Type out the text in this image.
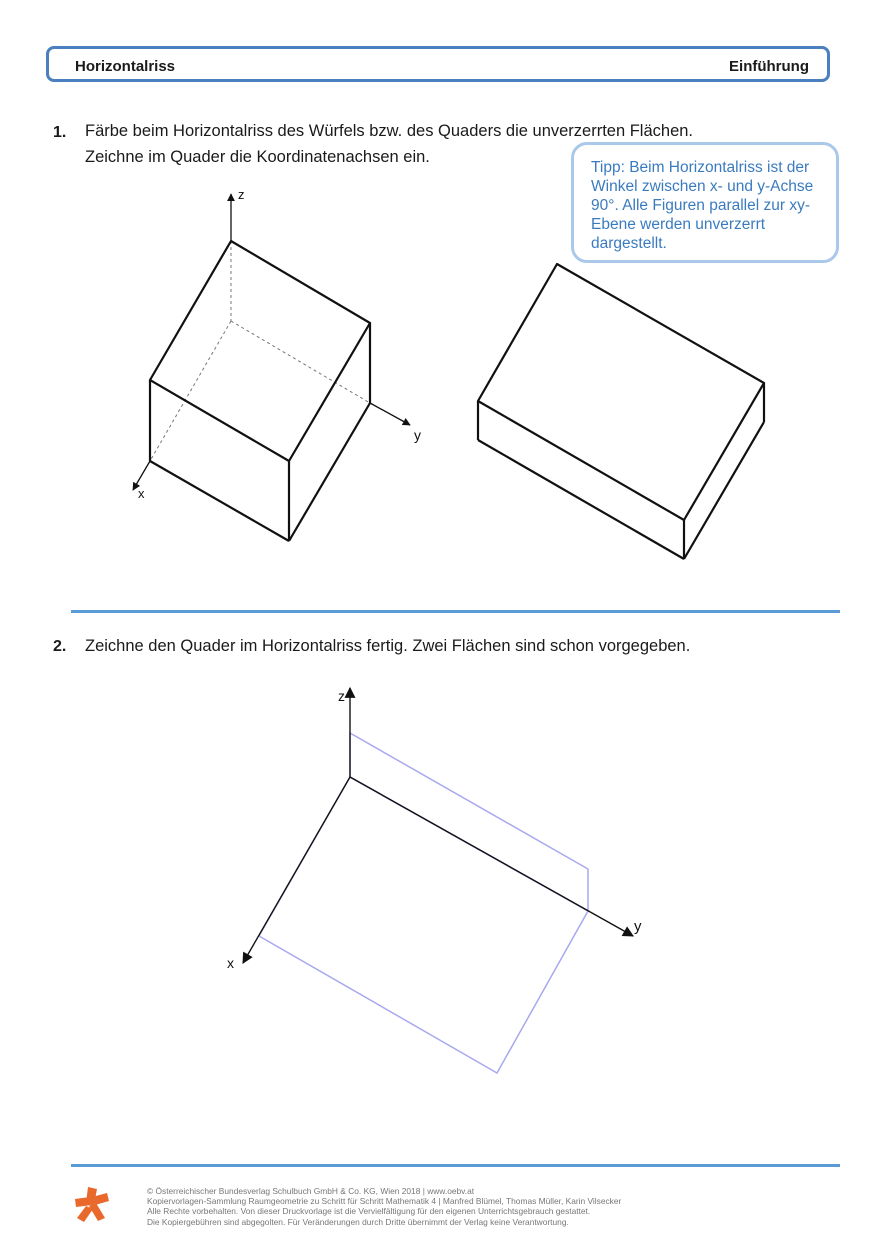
Horizontalriss	Einführung
1. Färbe beim Horizontalriss des Würfels bzw. des Quaders die unverzerrten Flächen.
Zeichne im Quader die Koordinatenachsen ein.
Tipp: Beim Horizontalriss ist der Winkel zwischen x- und y-Achse 90°. Alle Figuren parallel zur xy-Ebene werden unverzerrt dargestellt.
z
y
x
z
y
x
2. Zeichne den Quader im Horizontalriss fertig. Zwei Flächen sind schon vorgegeben.
© Österreichischer Bundesverlag Schulbuch GmbH & Co. KG, Wien 2018 | www.oebv.at
Kopiervorlagen-Sammlung Raumgeometrie zu Schritt für Schritt Mathematik 4 | Manfred Blümel, Thomas Müller, Karin Vilsecker
Alle Rechte vorbehalten. Von dieser Druckvorlage ist die Vervielfältigung für den eigenen Unterrichtsgebrauch gestattet.
Die Kopiergebühren sind abgegolten. Für Veränderungen durch Dritte übernimmt der Verlag keine Verantwortung.
